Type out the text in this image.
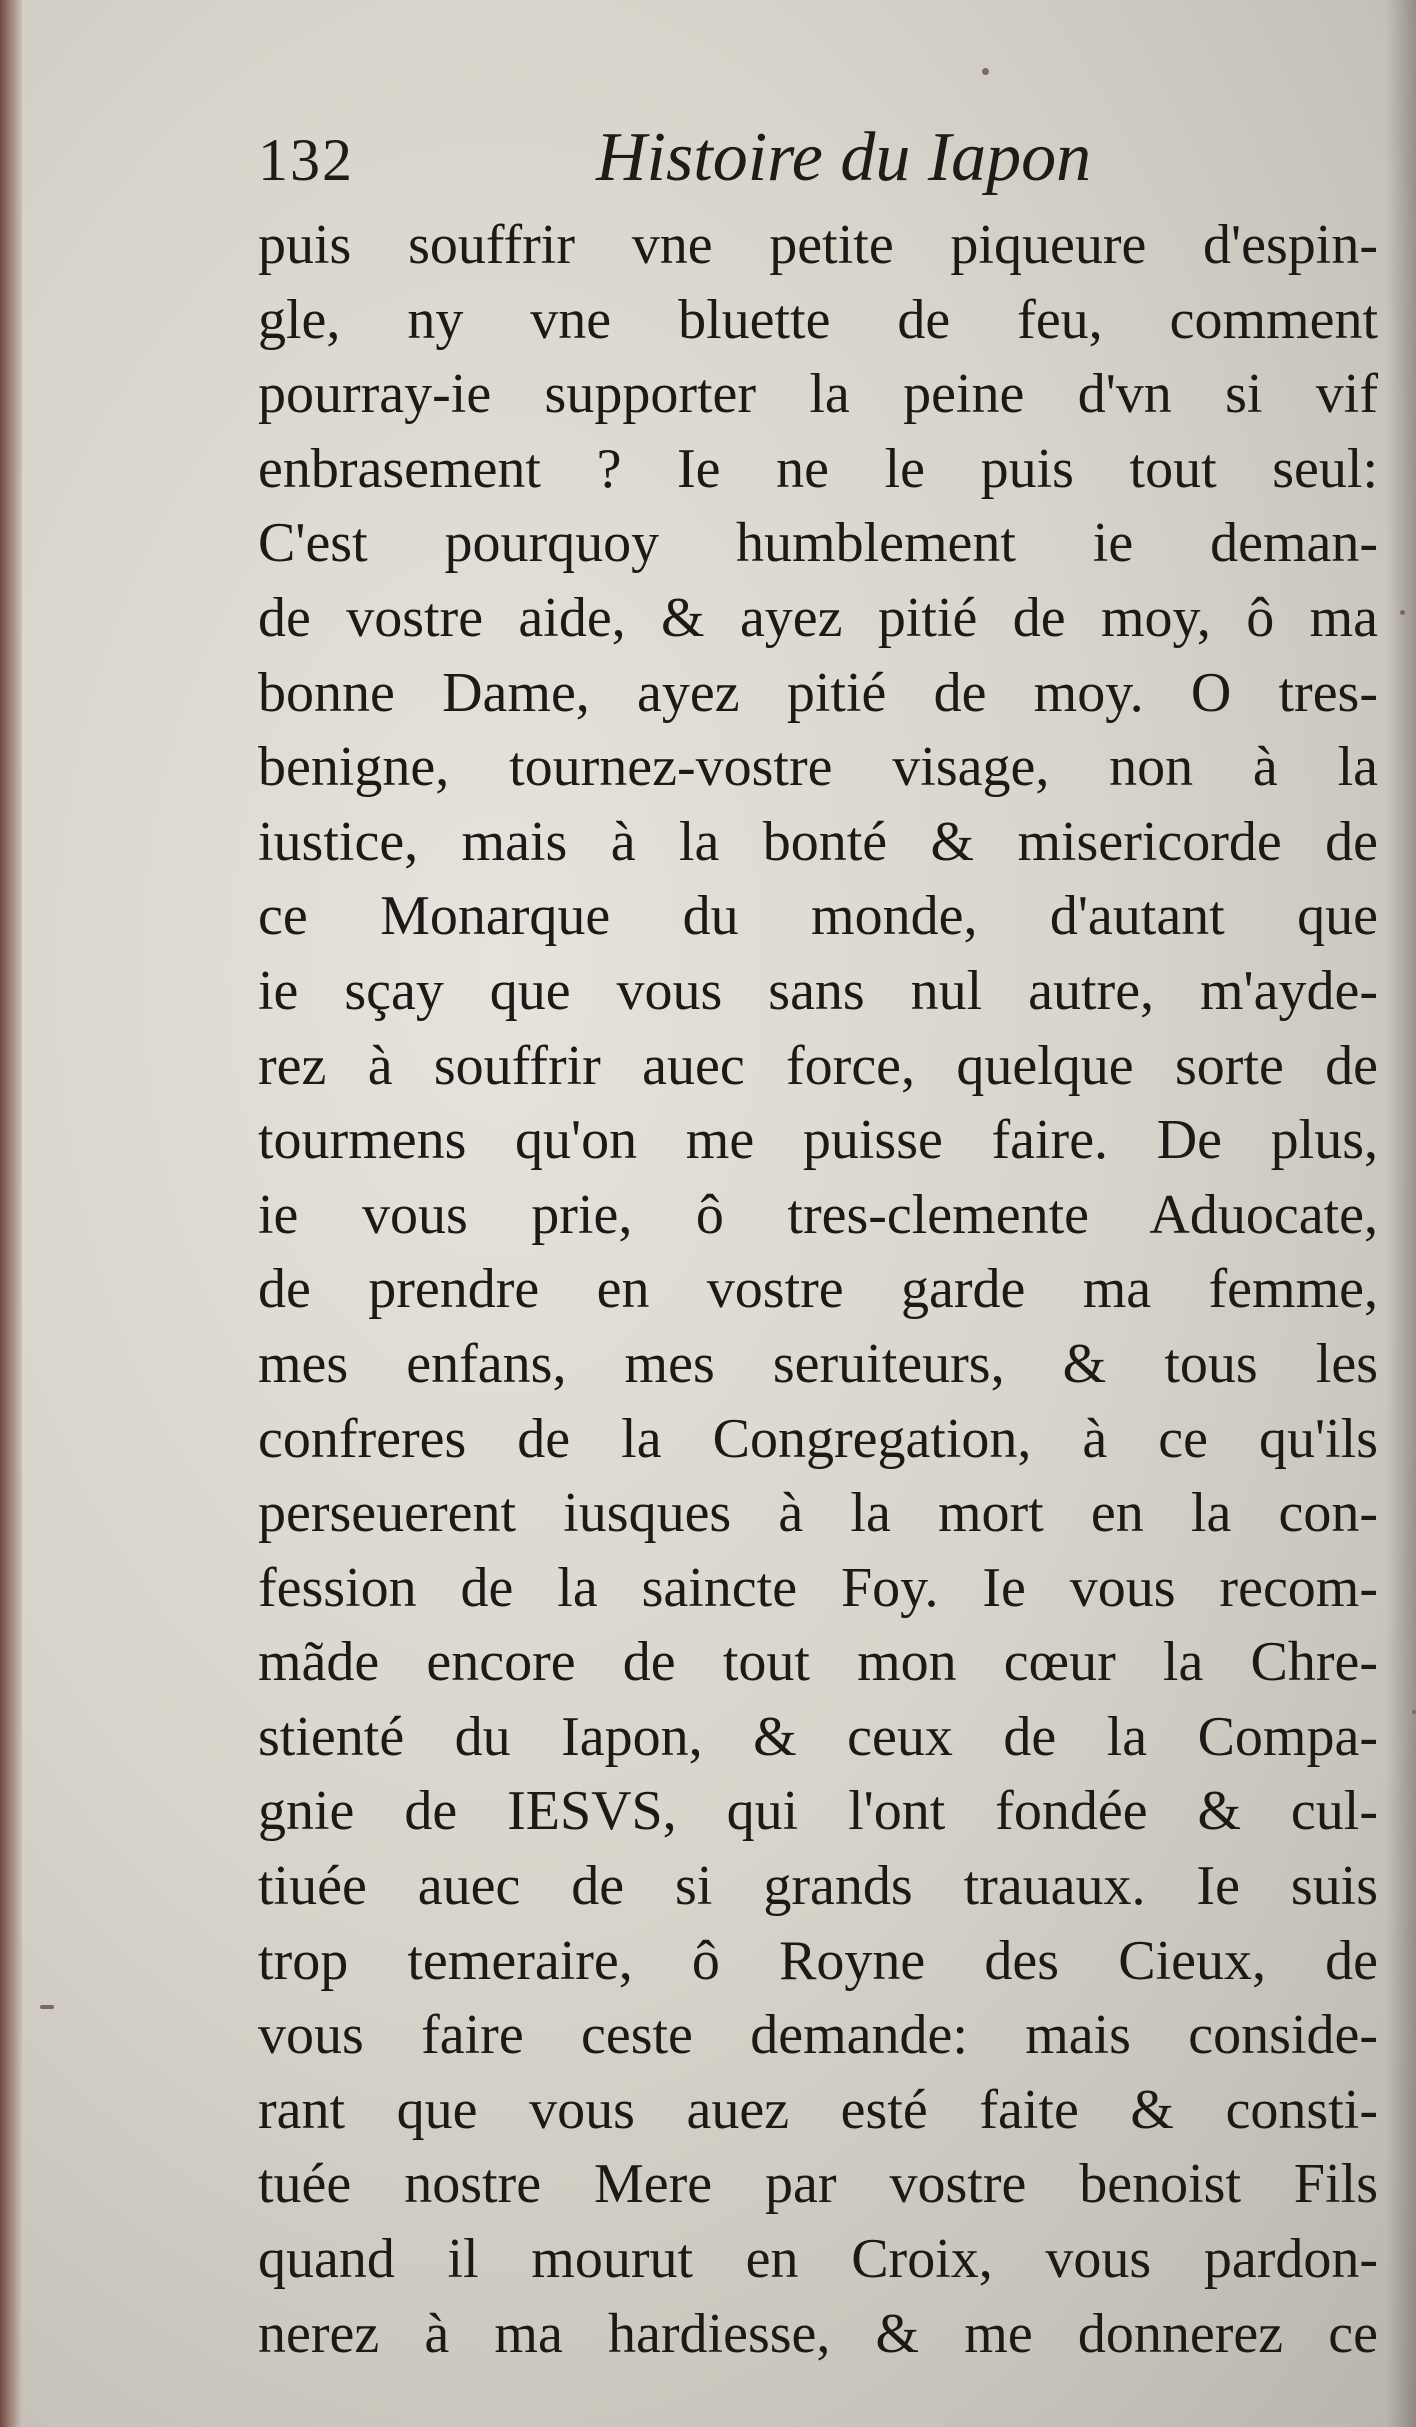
132	Histoire du Iapon
puis souffrir vne petite piqueure d'espin-
gle, ny vne bluette de feu, comment
pourray-ie supporter la peine d'vn si vif
enbrasement ? Ie ne le puis tout seul:
C'est pourquoy humblement ie deman-
de vostre aide, & ayez pitié de moy, ô ma
bonne Dame, ayez pitié de moy. O tres-
benigne, tournez-vostre visage, non à la
iustice, mais à la bonté & misericorde de
ce Monarque du monde, d'autant que
ie sçay que vous sans nul autre, m'ayde-
rez à souffrir auec force, quelque sorte de
tourmens qu'on me puisse faire. De plus,
ie vous prie, ô tres-clemente Aduocate,
de prendre en vostre garde ma femme,
mes enfans, mes seruiteurs, & tous les
confreres de la Congregation, à ce qu'ils
perseuerent iusques à la mort en la con-
fession de la saincte Foy. Ie vous recom-
mãde encore de tout mon cœur la Chre-
stienté du Iapon, & ceux de la Compa-
gnie de IESVS, qui l'ont fondée & cul-
tiuée auec de si grands trauaux. Ie suis
trop temeraire, ô Royne des Cieux, de
vous faire ceste demande: mais conside-
rant que vous auez esté faite & consti-
tuée nostre Mere par vostre benoist Fils
quand il mourut en Croix, vous pardon-
nerez à ma hardiesse, & me donnerez ce
